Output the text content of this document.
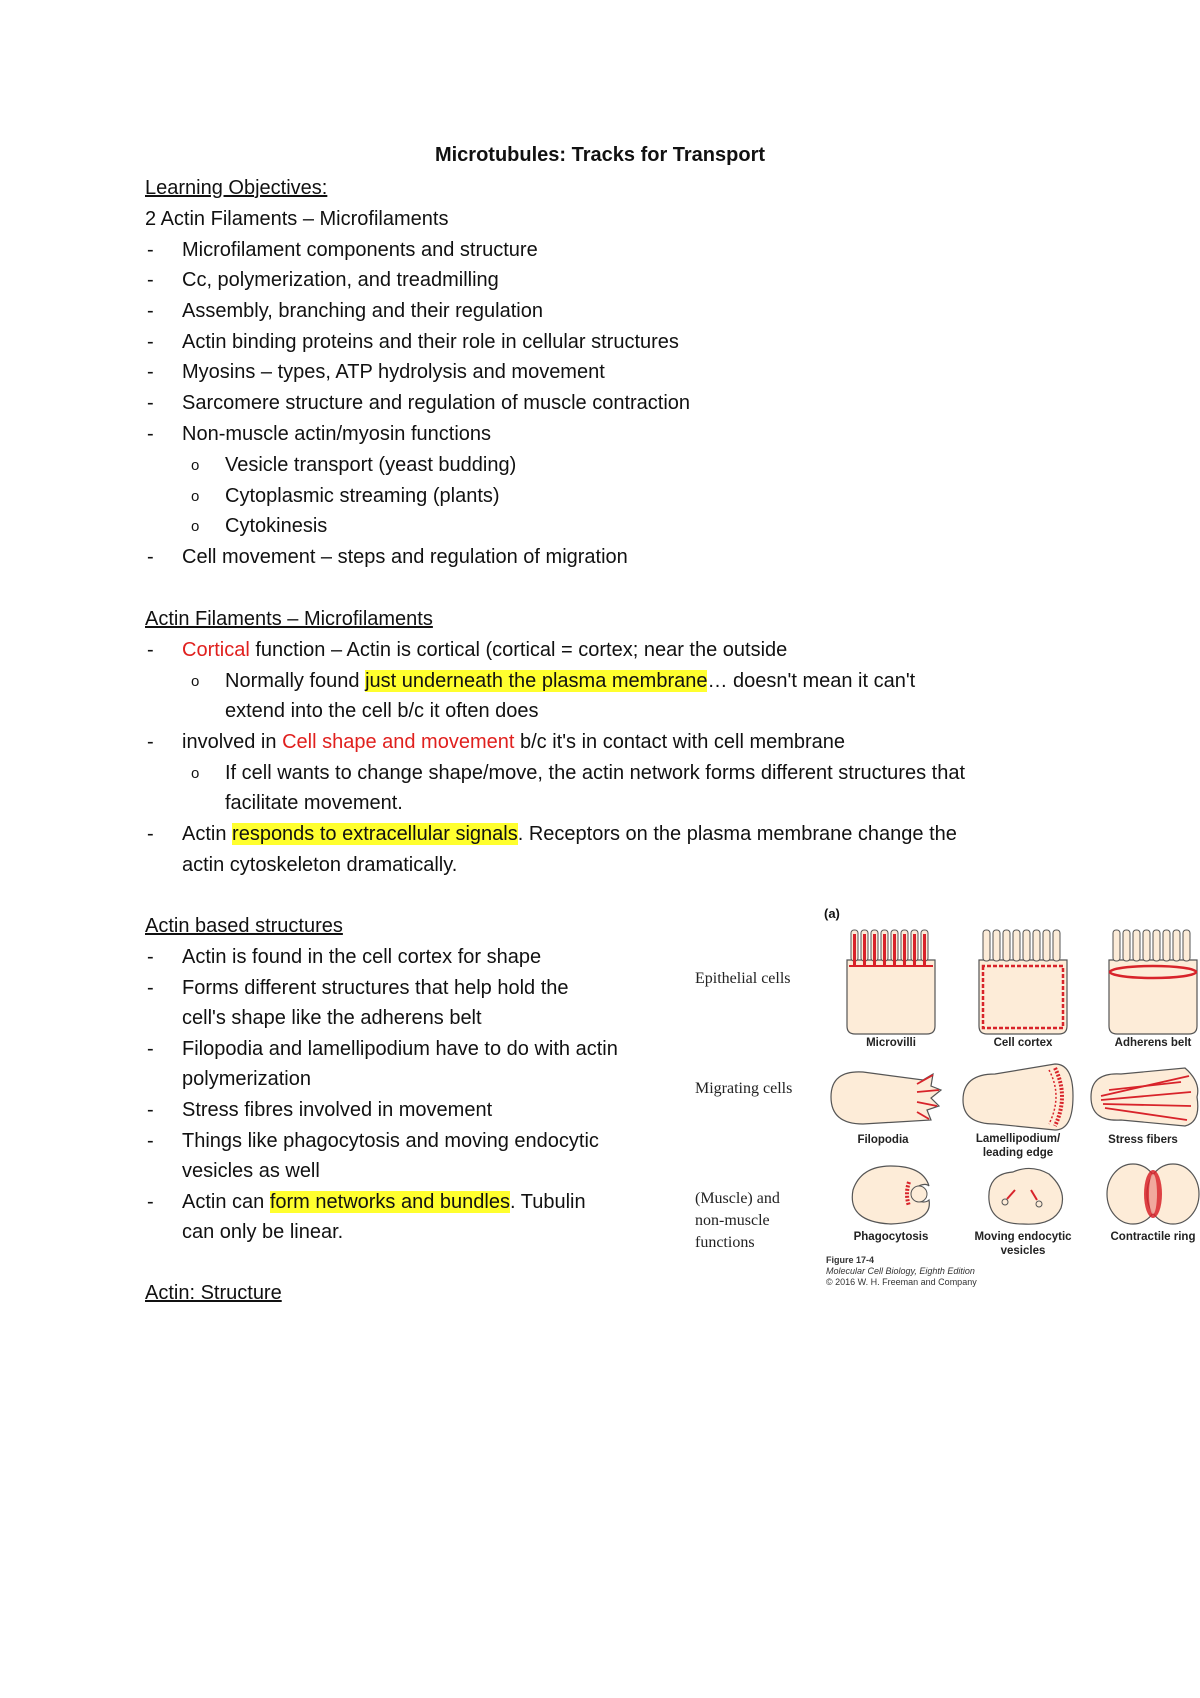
Microtubules: Tracks for Transport
Learning Objectives:
2 Actin Filaments – Microfilaments
- Microfilament components and structure
- Cc, polymerization, and treadmilling
- Assembly, branching and their regulation
- Actin binding proteins and their role in cellular structures
- Myosins – types, ATP hydrolysis and movement
- Sarcomere structure and regulation of muscle contraction
- Non-muscle actin/myosin functions
o Vesicle transport (yeast budding)
o Cytoplasmic streaming (plants)
o Cytokinesis
- Cell movement – steps and regulation of migration
Actin Filaments – Microfilaments
- Cortical function – Actin is cortical (cortical = cortex; near the outside
o Normally found just underneath the plasma membrane… doesn't mean it can't
extend into the cell b/c it often does
- involved in Cell shape and movement b/c it's in contact with cell membrane
o If cell wants to change shape/move, the actin network forms different structures that
facilitate movement.
- Actin responds to extracellular signals. Receptors on the plasma membrane change the
actin cytoskeleton dramatically.
Actin based structures
- Actin is found in the cell cortex for shape
- Forms different structures that help hold the
cell's shape like the adherens belt
- Filopodia and lamellipodium have to do with actin
polymerization
- Stress fibres involved in movement
- Things like phagocytosis and moving endocytic
vesicles as well
- Actin can form networks and bundles. Tubulin
can only be linear.
Actin: Structure
(a)
Epithelial cells
Migrating cells
(Muscle) and
non-muscle
functions
Microvilli	Cell cortex	Adherens belt
Filopodia	Lamellipodium/
leading edge
Stress fibers
Phagocytosis	Moving endocytic
vesicles
Contractile ring
Figure 17-4
Molecular Cell Biology, Eighth Edition
© 2016 W. H. Freeman and Company
